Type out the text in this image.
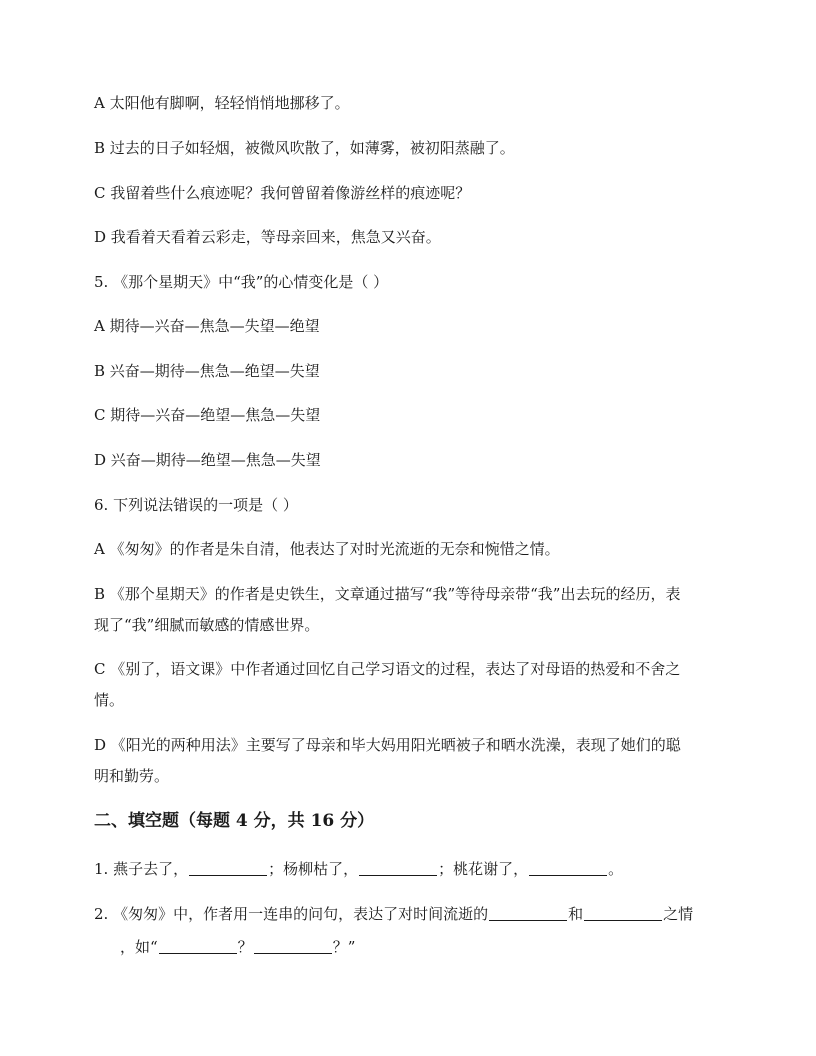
A 太阳他有脚啊，轻轻悄悄地挪移了。
B 过去的日子如轻烟，被微风吹散了，如薄雾，被初阳蒸融了。
C 我留着些什么痕迹呢？我何曾留着像游丝样的痕迹呢？
D 我看着天看着云彩走，等母亲回来，焦急又兴奋。
5. 《那个星期天》中“我”的心情变化是（ ）
A 期待—兴奋—焦急—失望—绝望
B 兴奋—期待—焦急—绝望—失望
C 期待—兴奋—绝望—焦急—失望
D 兴奋—期待—绝望—焦急—失望
6. 下列说法错误的一项是（ ）
A 《匆匆》的作者是朱自清，他表达了对时光流逝的无奈和惋惜之情。
B 《那个星期天》的作者是史铁生，文章通过描写“我”等待母亲带“我”出去玩的经历，表
现了“我”细腻而敏感的情感世界。
C 《别了，语文课》中作者通过回忆自己学习语文的过程，表达了对母语的热爱和不舍之
情。
D 《阳光的两种用法》主要写了母亲和毕大妈用阳光晒被子和晒水洗澡，表现了她们的聪
明和勤劳。
二、填空题（每题 4 分，共 16 分）
1. 燕子去了，	；杨柳枯了，	；桃花谢了，	。
2. 《匆匆》中，作者用一连串的问句，表达了对时间流逝的	和	之情
，如“	？	？”
